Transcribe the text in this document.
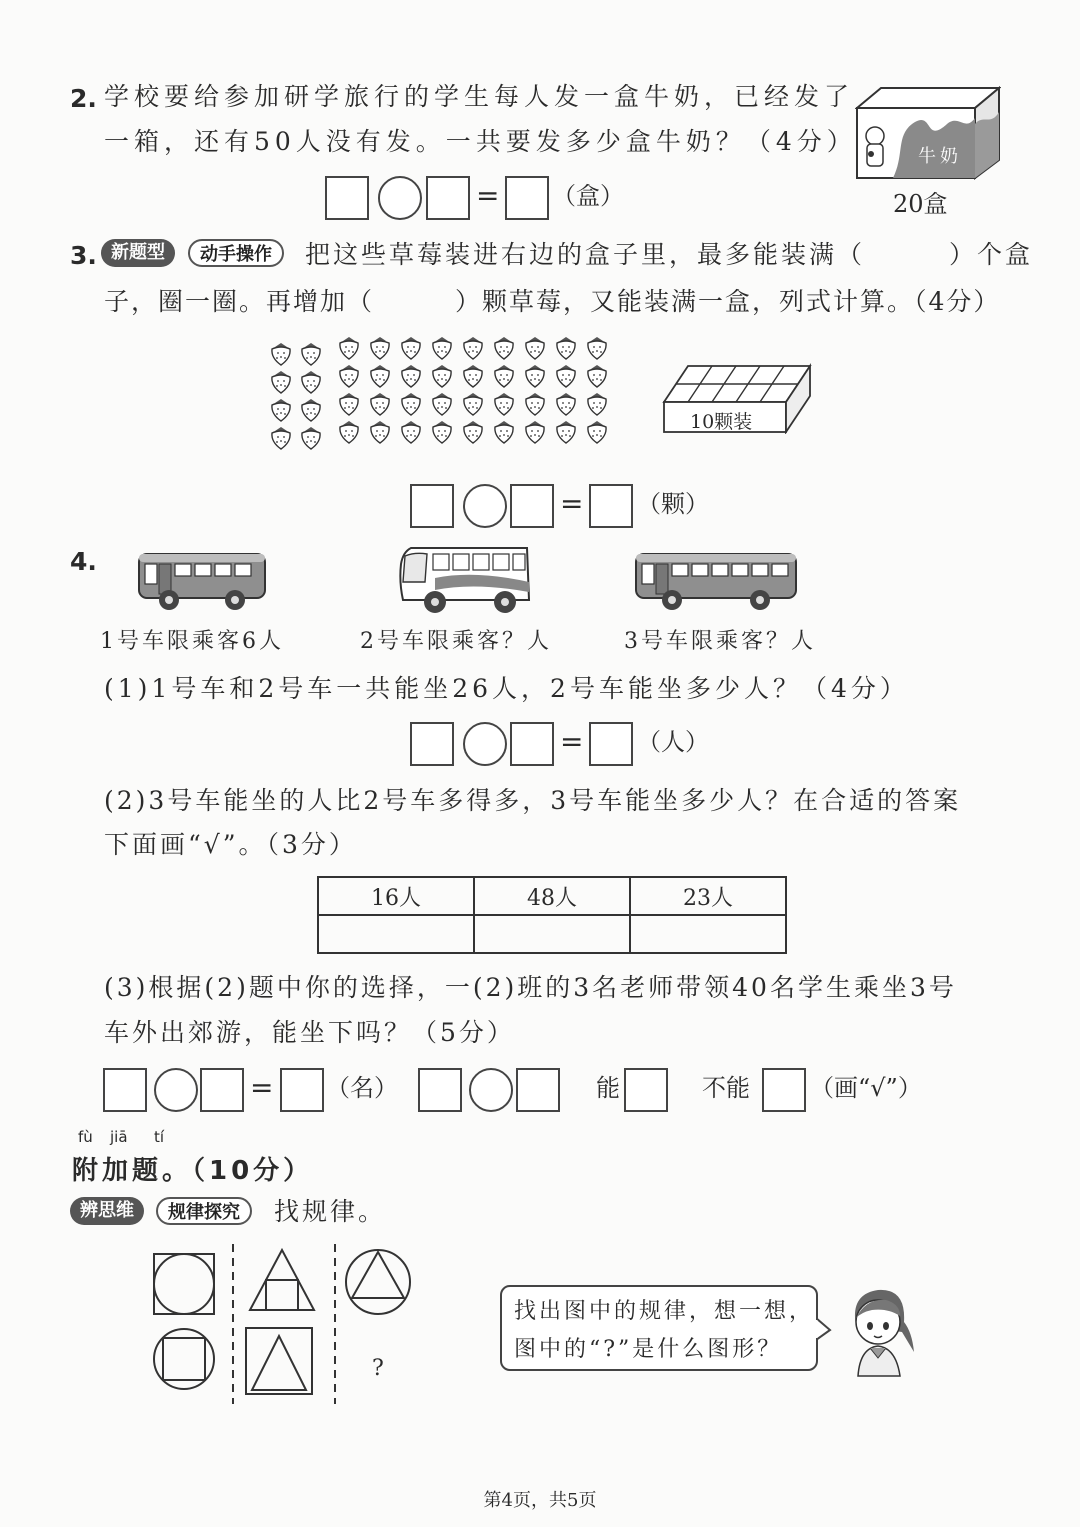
2. 学校要给参加研学旅行的学生每人发一盒牛奶，已经发了
一箱，还有50人没有发。一共要发多少盒牛奶？（4分）
= （盒）
牛奶
20盒
3. 新题型	动手操作	把这些草莓装进右边的盒子里，最多能装满（　　　）个盒
子，圈一圈。再增加（　　　）颗草莓，又能装满一盒，列式计算。（4分）
10颗装
= （颗）
4.
1号车限乘客6人	2号车限乘客？人	3号车限乘客？人
(1)1号车和2号车一共能坐26人，2号车能坐多少人？（4分）
= （人）
(2)3号车能坐的人比2号车多得多，3号车能坐多少人？在合适的答案
下面画“√”。（3分）
16人	48人	23人

(3)根据(2)题中你的选择，一(2)班的3名老师带领40名学生乘坐3号
车外出郊游，能坐下吗？（5分）
= （名）	能	不能	（画“√”）
fù jiā tí
附加题。（10分）
辨思维	规律探究	找规律。
?
找出图中的规律，想一想，
图中的“?”是什么图形？
第4页，共5页
